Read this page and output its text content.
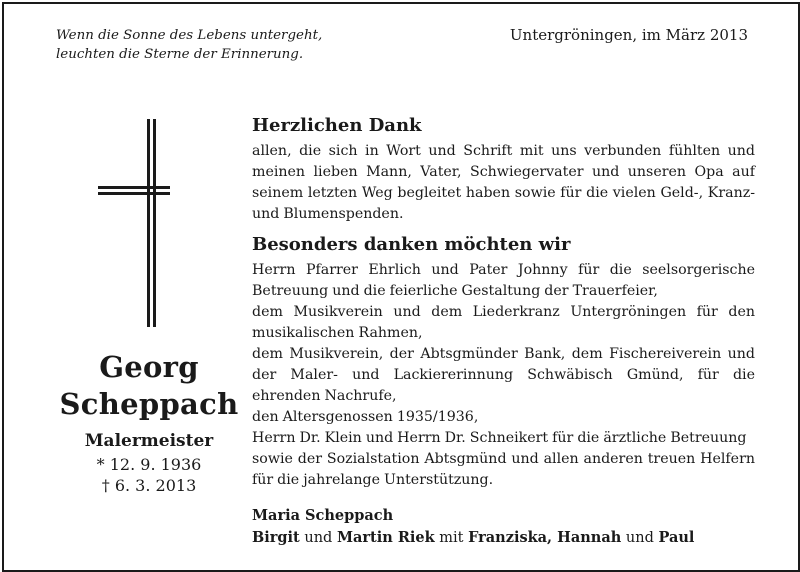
Wenn die Sonne des Lebens untergeht,
leuchten die Sterne der Erinnerung.
Untergröningen, im März 2013
Georg
Scheppach
Malermeister
* 12. 9. 1936
† 6. 3. 2013

Herzlichen Dank

allen, die sich in Wort und Schrift mit uns verbunden fühlten und meinen lieben Mann, Vater, Schwiegervater und unseren Opa auf seinem letzten Weg begleitet haben sowie für die vielen Geld-, Kranz- und Blumenspenden.

Besonders danken möchten wir

Herrn Pfarrer Ehrlich und Pater Johnny für die seelsorgerische Betreuung und die feierliche Gestaltung der Trauerfeier,

dem Musikverein und dem Liederkranz Untergröningen für den musikalischen Rahmen,

dem Musikverein, der Abtsgmünder Bank, dem Fischereiverein und der Maler- und Lackiererinnung Schwäbisch Gmünd, für die ehrenden Nachrufe,

den Altersgenossen 1935/1936,

Herrn Dr. Klein und Herrn Dr. Schneikert für die ärztliche Betreuung

sowie der Sozialstation Abtsgmünd und allen anderen treuen Helfern für die jahrelange Unterstützung.

Maria Scheppach

Birgit und Martin Riek mit Franziska, Hannah und Paul
